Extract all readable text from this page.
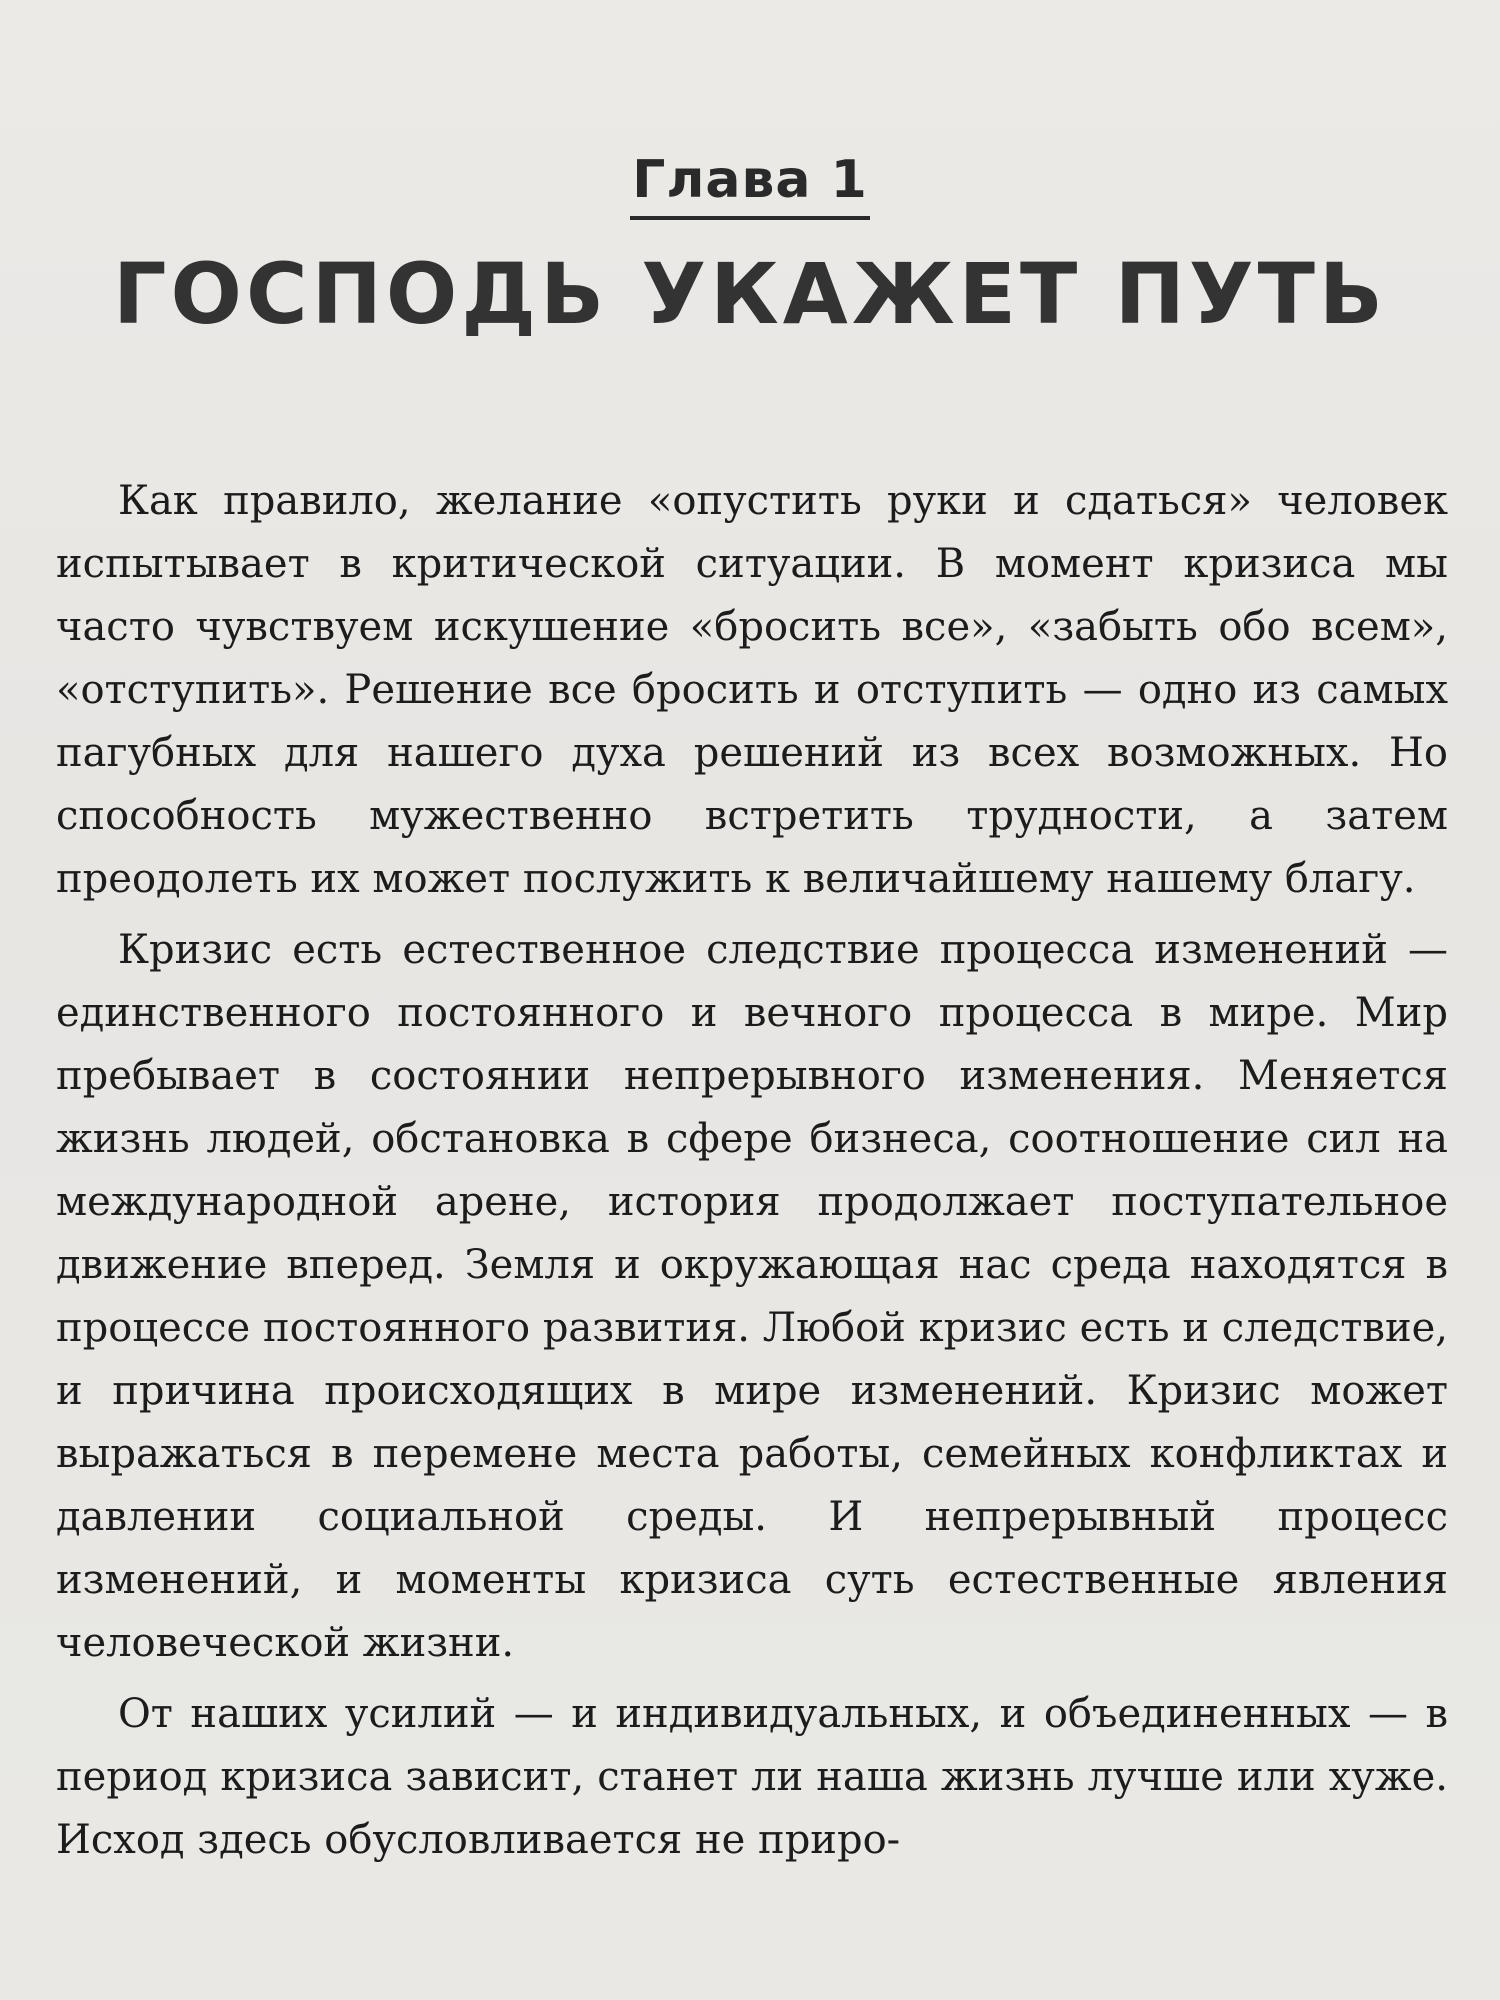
Глава 1
ГОСПОДЬ УКАЖЕТ ПУТЬ

Как правило, желание «опустить руки и сдаться» человек испытывает в критической ситуации. В момент кризиса мы часто чувствуем искушение «бросить все», «забыть обо всем», «отступить». Решение все бросить и отступить — одно из самых пагубных для нашего духа решений из всех возможных. Но способность мужественно встретить трудности, а затем преодолеть их может послужить к величайшему нашему благу.

Кризис есть естественное следствие процесса изменений — единственного постоянного и вечного процесса в мире. Мир пребывает в состоянии непрерывного изменения. Меняется жизнь людей, обстановка в сфере бизнеса, соотношение сил на международной арене, история продолжает поступательное движение вперед. Земля и окружающая нас среда находятся в процессе постоянного развития. Любой кризис есть и следствие, и причина происходящих в мире изменений. Кризис может выражаться в перемене места работы, семейных конфликтах и давлении социальной среды. И непрерывный процесс изменений, и моменты кризиса суть естественные явления человеческой жизни.

От наших усилий — и индивидуальных, и объединенных — в период кризиса зависит, станет ли наша жизнь лучше или хуже. Исход здесь обусловливается не приро-
